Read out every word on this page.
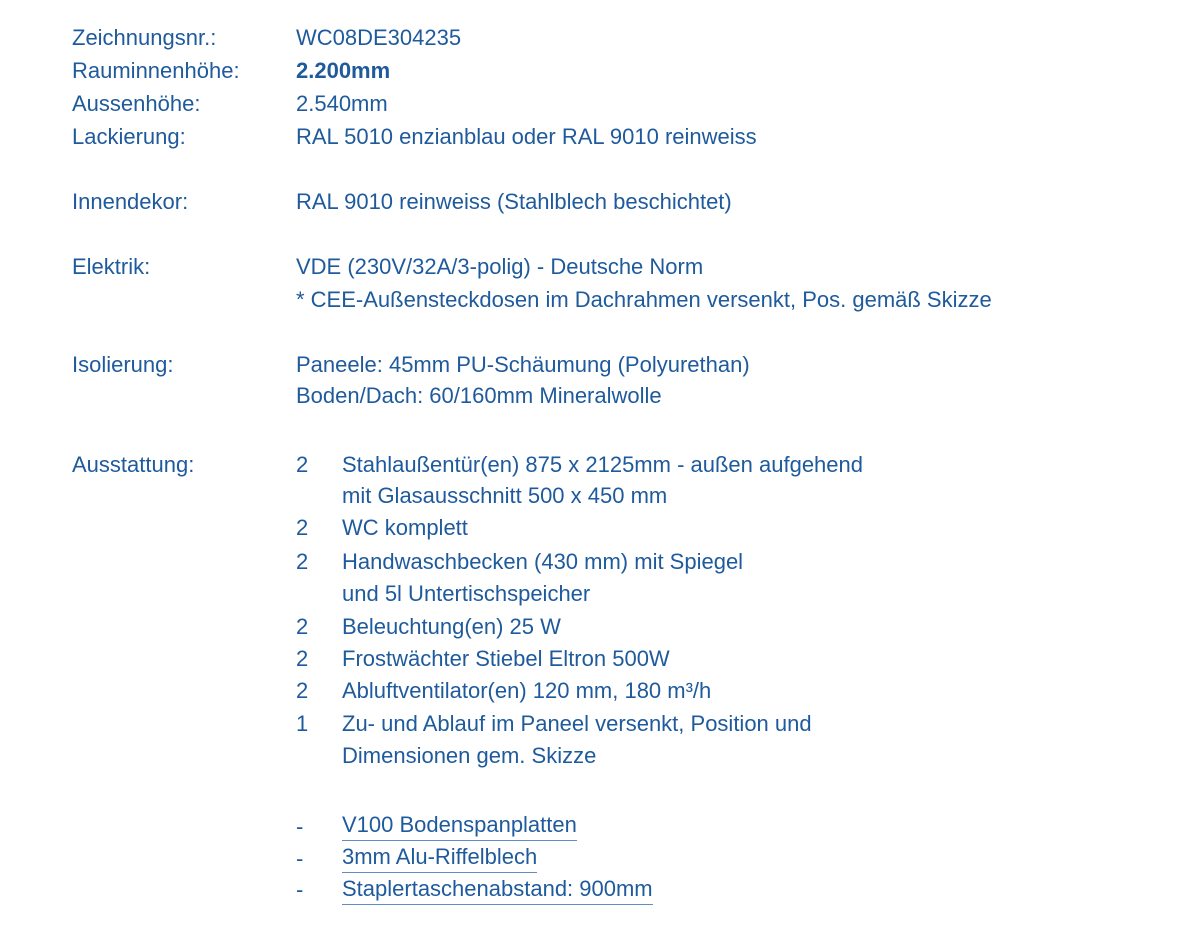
Zeichnungsnr.:	WC08DE304235
Rauminnenhöhe:	2.200mm
Aussenhöhe:	2.540mm
Lackierung:	RAL 5010 enzianblau oder RAL 9010 reinweiss
Innendekor:	RAL 9010 reinweiss (Stahlblech beschichtet)
Elektrik:	VDE (230V/32A/3-polig) - Deutsche Norm
* CEE-Außensteckdosen im Dachrahmen versenkt, Pos. gemäß Skizze
Isolierung:	Paneele: 45mm PU-Schäumung (Polyurethan)
Boden/Dach: 60/160mm Mineralwolle
Ausstattung:	2	Stahlaußentür(en) 875 x 2125mm - außen aufgehend
mit Glasausschnitt 500 x 450 mm
2	WC komplett
2	Handwaschbecken (430 mm) mit Spiegel
und 5l Untertischspeicher
2	Beleuchtung(en) 25 W
2	Frostwächter Stiebel Eltron 500W
2	Abluftventilator(en) 120 mm, 180 m³/h
1	Zu- und Ablauf im Paneel versenkt, Position und
Dimensionen gem. Skizze
-	V100 Bodenspanplatten
-	3mm Alu-Riffelblech
-	Staplertaschenabstand: 900mm
